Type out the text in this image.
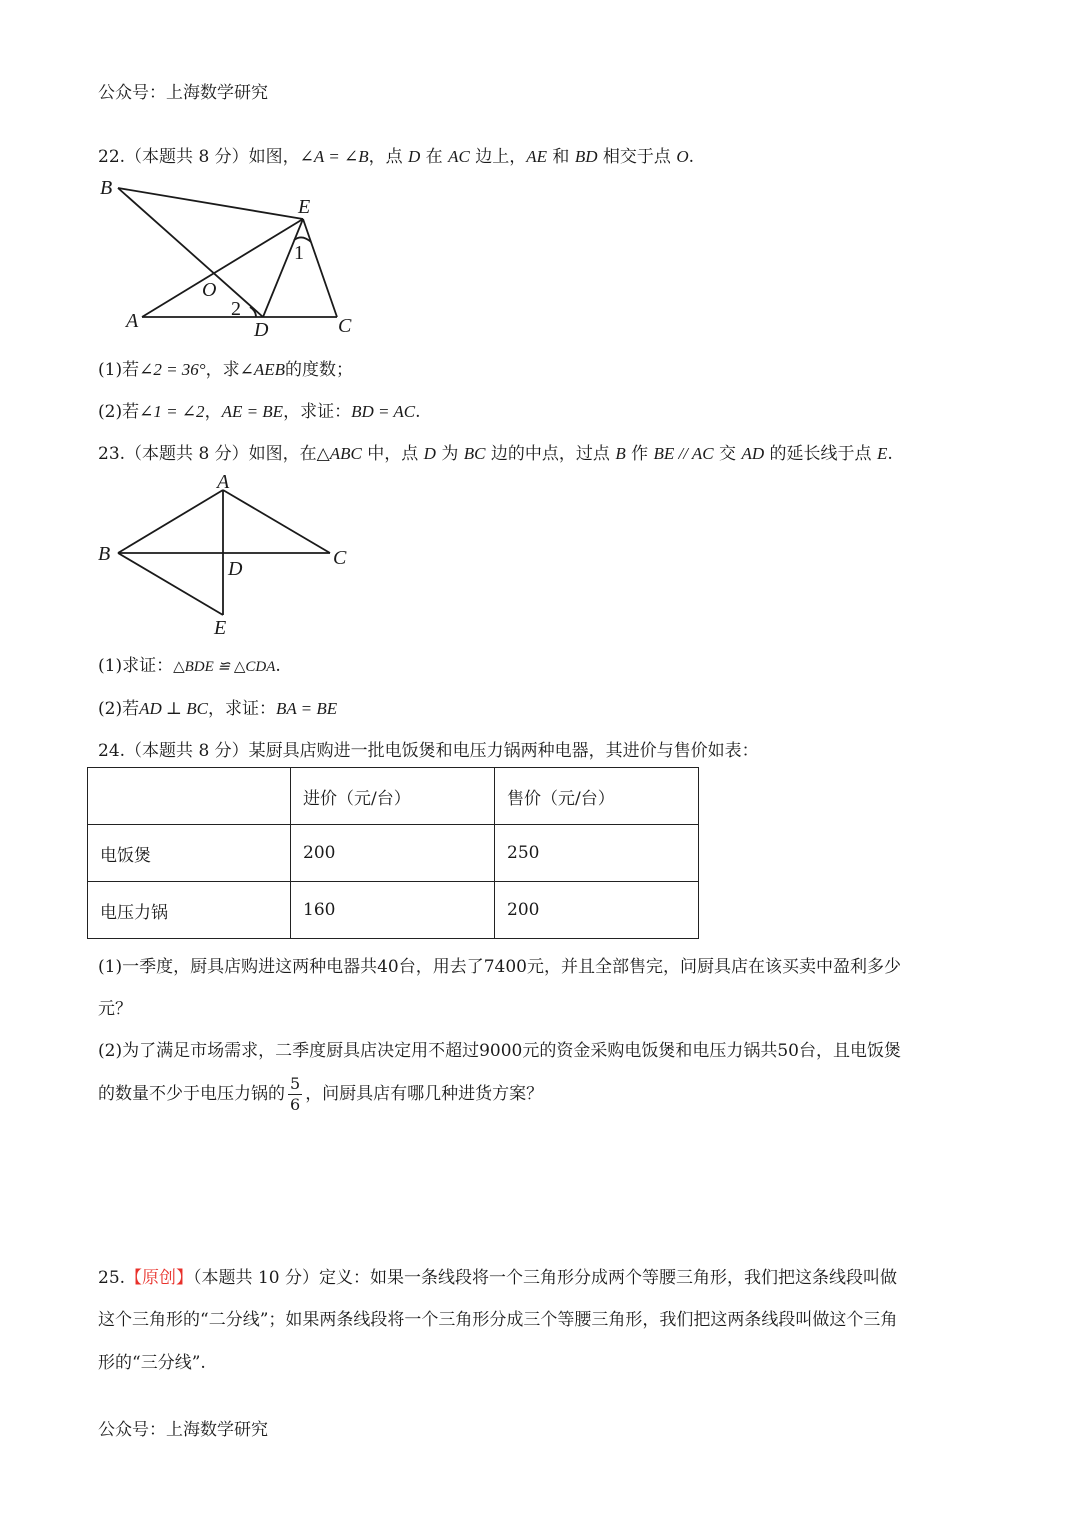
公众号：上海数学研究
22.（本题共 8 分）如图，∠A = ∠B，点 D 在 AC 边上，AE 和 BD 相交于点 O.
B
E
1
O
2
A	D	C
(1)若∠2 = 36°，求∠AEB的度数；
(2)若∠1 = ∠2，AE = BE，求证：BD = AC.
23.（本题共 8 分）如图，在△ABC 中，点 D 为 BC 边的中点，过点 B 作 BE // AC 交 AD 的延长线于点 E.
A
B	C
D
E
(1)求证：△BDE ≌ △CDA.
(2)若AD ⊥ BC，求证：BA = BE
24.（本题共 8 分）某厨具店购进一批电饭煲和电压力锅两种电器，其进价与售价如表：
	进价（元/台）	售价（元/台）
电饭煲	200	250
电压力锅	160	200
(1)一季度，厨具店购进这两种电器共40台，用去了7400元，并且全部售完，问厨具店在该买卖中盈利多少
元？
(2)为了满足市场需求，二季度厨具店决定用不超过9000元的资金采购电饭煲和电压力锅共50台，且电饭煲
的数量不少于电压力锅的 $\frac{5}{6}$ ，问厨具店有哪几种进货方案？
25.【原创】（本题共 10 分）定义：如果一条线段将一个三角形分成两个等腰三角形，我们把这条线段叫做
这个三角形的“二分线”；如果两条线段将一个三角形分成三个等腰三角形，我们把这两条线段叫做这个三角
形的“三分线”.
公众号：上海数学研究
